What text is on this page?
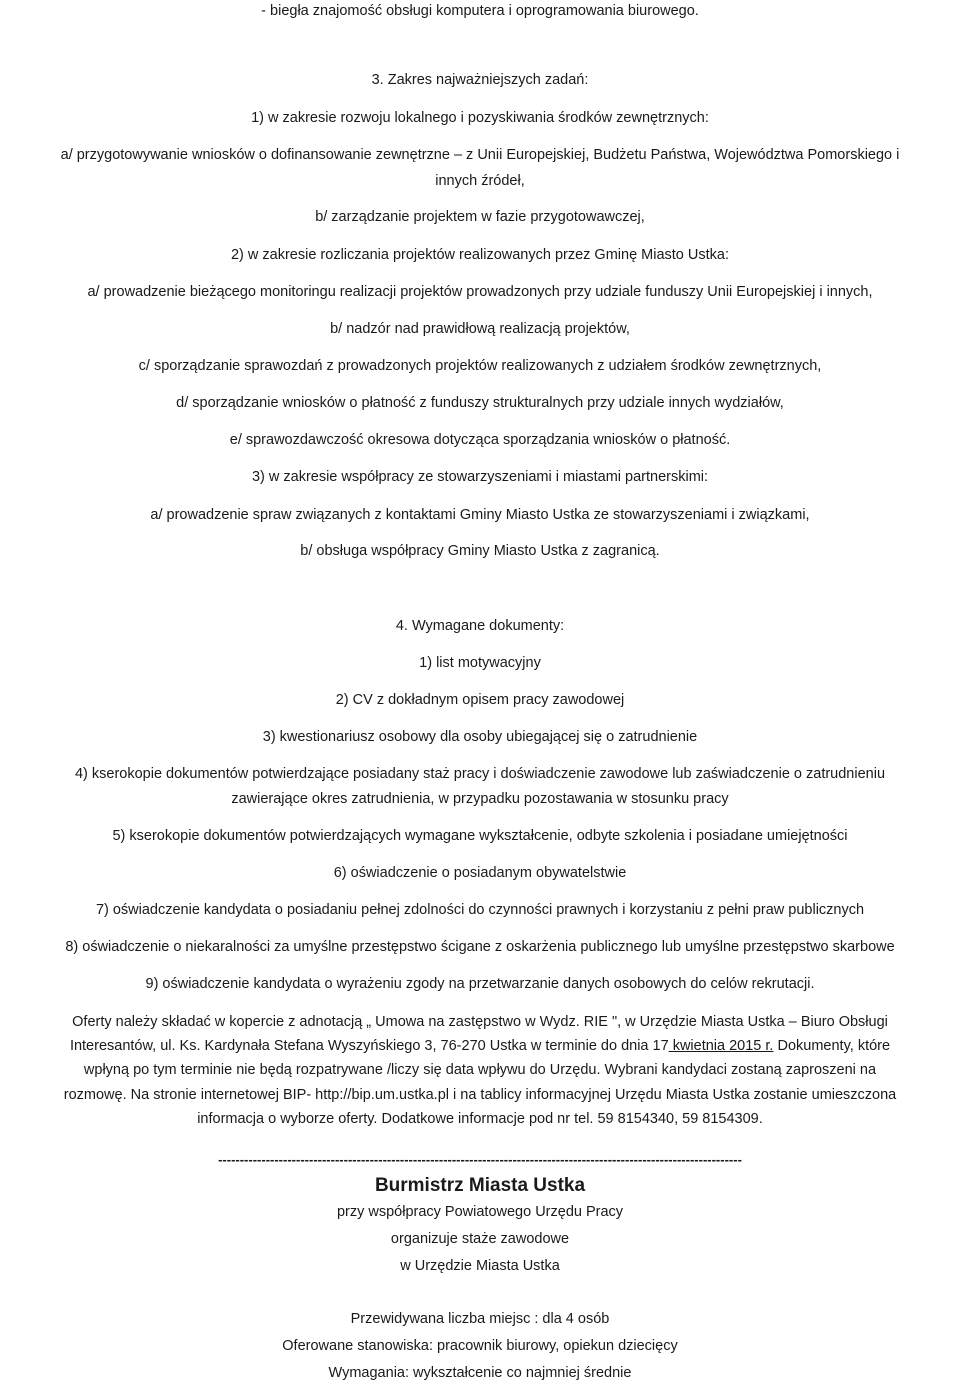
- biegła znajomość obsługi komputera i oprogramowania biurowego.

3. Zakres najważniejszych zadań:

1) w zakresie rozwoju lokalnego i pozyskiwania środków zewnętrznych:

a/ przygotowywanie wniosków o dofinansowanie zewnętrzne – z Unii Europejskiej, Budżetu Państwa, Województwa Pomorskiego i

innych źródeł,

b/ zarządzanie projektem w fazie przygotowawczej,

2) w zakresie rozliczania projektów realizowanych przez Gminę Miasto Ustka:

a/ prowadzenie bieżącego monitoringu realizacji projektów prowadzonych przy udziale funduszy Unii Europejskiej i innych,

b/ nadzór nad prawidłową realizacją projektów,

c/ sporządzanie sprawozdań z prowadzonych projektów realizowanych z udziałem środków zewnętrznych,

d/ sporządzanie wniosków o płatność z funduszy strukturalnych przy udziale innych wydziałów,

e/ sprawozdawczość okresowa dotycząca sporządzania wniosków o płatność.

3) w zakresie współpracy ze stowarzyszeniami i miastami partnerskimi:

a/ prowadzenie spraw związanych z kontaktami Gminy Miasto Ustka ze stowarzyszeniami i związkami,

b/ obsługa współpracy Gminy Miasto Ustka z zagranicą.

4. Wymagane dokumenty:

1) list motywacyjny

2) CV z dokładnym opisem pracy zawodowej

3) kwestionariusz osobowy dla osoby ubiegającej się o zatrudnienie

4) kserokopie dokumentów potwierdzające posiadany staż pracy i doświadczenie zawodowe lub zaświadczenie o zatrudnieniu

zawierające okres zatrudnienia, w przypadku pozostawania w stosunku pracy

5) kserokopie dokumentów potwierdzających wymagane wykształcenie, odbyte szkolenia i posiadane umiejętności

6) oświadczenie o posiadanym obywatelstwie

7) oświadczenie kandydata o posiadaniu pełnej zdolności do czynności prawnych i korzystaniu z pełni praw publicznych

8) oświadczenie o niekaralności za umyślne przestępstwo ścigane z oskarżenia publicznego lub umyślne przestępstwo skarbowe

9) oświadczenie kandydata o wyrażeniu zgody na przetwarzanie danych osobowych do celów rekrutacji.

Oferty należy składać w kopercie z adnotacją „ Umowa na zastępstwo w Wydz. RIE ", w Urzędzie Miasta Ustka – Biuro Obsługi

Interesantów, ul. Ks. Kardynała Stefana Wyszyńskiego 3, 76-270 Ustka w terminie do dnia 17 kwietnia 2015 r. Dokumenty, które

wpłyną po tym terminie nie będą rozpatrywane /liczy się data wpływu do Urzędu. Wybrani kandydaci zostaną zaproszeni na

rozmowę. Na stronie internetowej BIP- http://bip.um.ustka.pl i na tablicy informacyjnej Urzędu Miasta Ustka zostanie umieszczona

informacja o wyborze oferty. Dodatkowe informacje pod nr tel. 59 8154340, 59 8154309.

-------------------------------------------------------------------------------------------------------------------------

Burmistrz Miasta Ustka

przy współpracy Powiatowego Urzędu Pracy

organizuje staże zawodowe

w Urzędzie Miasta Ustka

Przewidywana liczba miejsc : dla 4 osób

Oferowane stanowiska: pracownik biurowy, opiekun dziecięcy

Wymagania: wykształcenie co najmniej średnie
